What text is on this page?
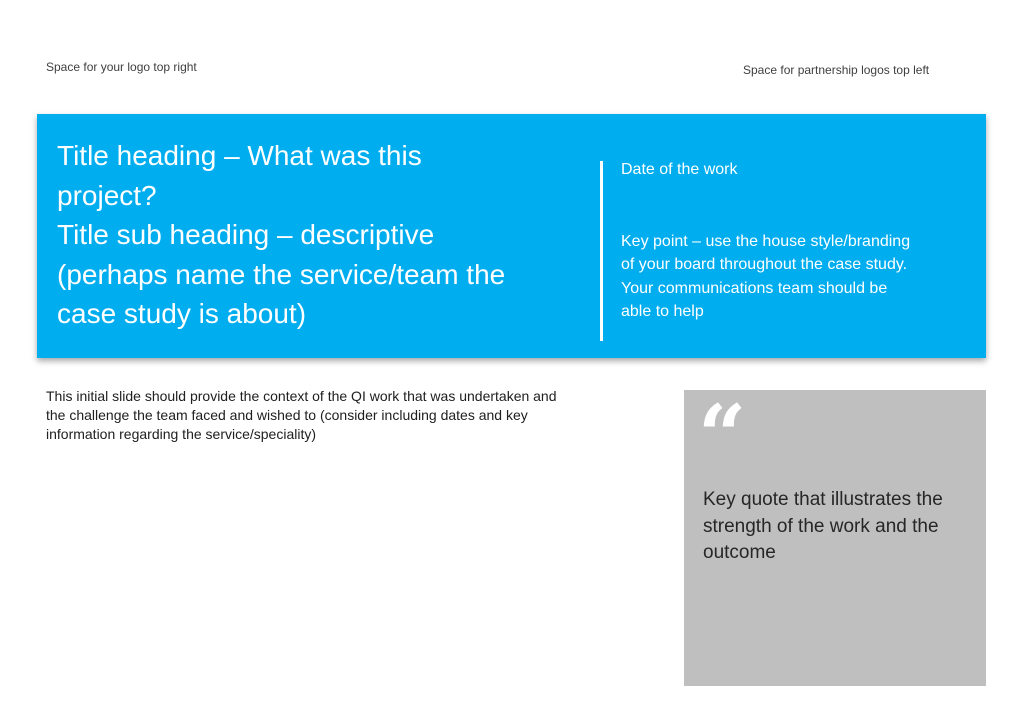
Space for your logo top right	Space for partnership logos top left
Title heading – What was this
project?
Title sub heading – descriptive
(perhaps name the service/team the
case study is about)
Date of the work
Key point – use the house style/branding
of your board throughout the case study.
Your communications team should be
able to help
This initial slide should provide the context of the QI work that was undertaken and
the challenge the team faced and wished to (consider including dates and key
information regarding the service/speciality)	“
Key quote that illustrates the
strength of the work and the
outcome
